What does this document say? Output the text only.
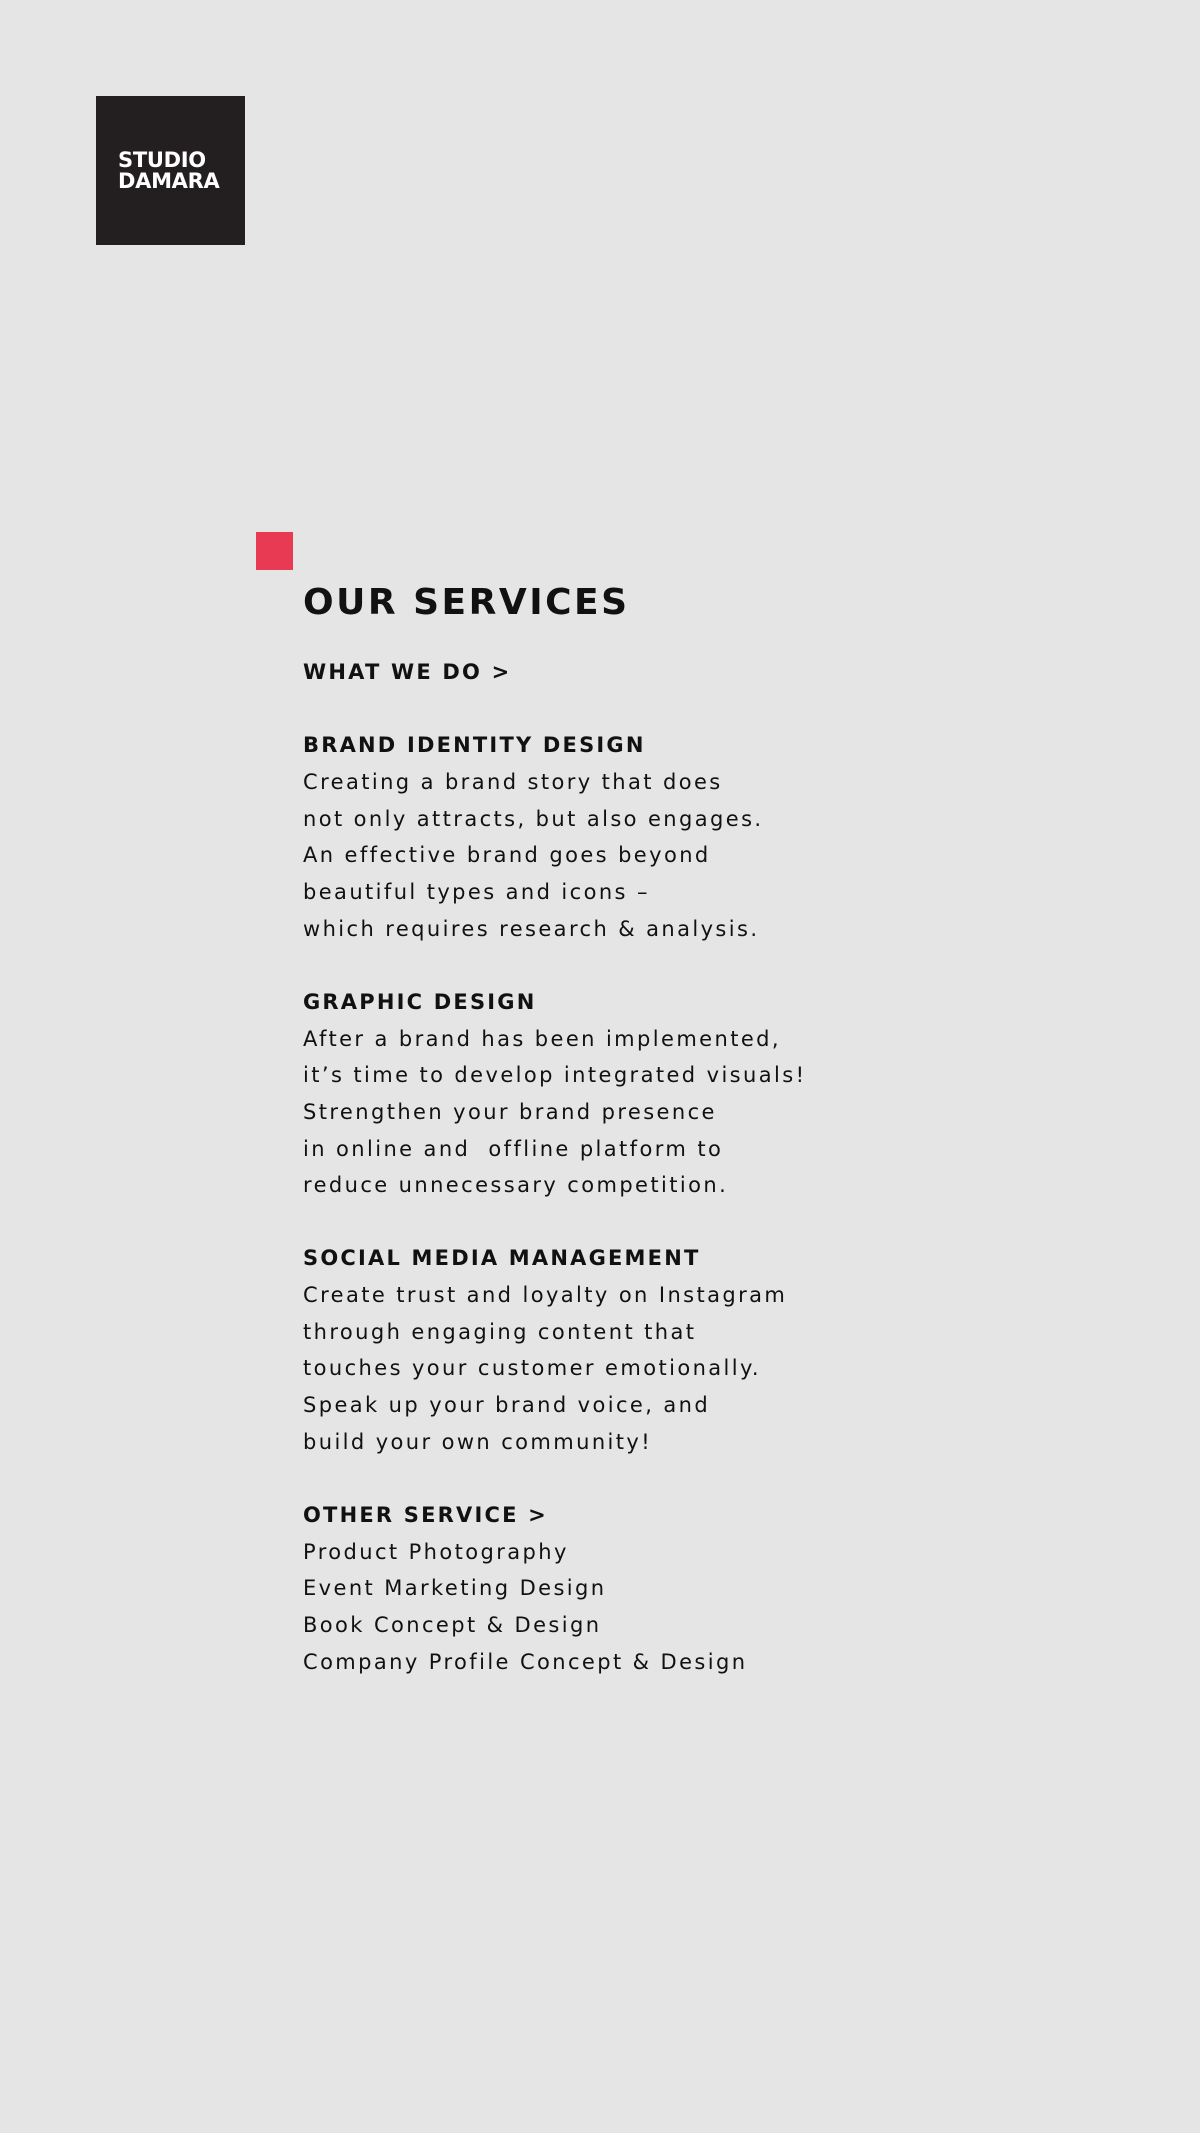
STUDIO
DAMARA
OUR SERVICES
WHAT WE DO >
BRAND IDENTITY DESIGN
Creating a brand story that does
not only attracts, but also engages.
An effective brand goes beyond
beautiful types and icons –
which requires research & analysis.
GRAPHIC DESIGN
After a brand has been implemented,
it’s time to develop integrated visuals!
Strengthen your brand presence
in online and  offline platform to
reduce unnecessary competition.
SOCIAL MEDIA MANAGEMENT
Create trust and loyalty on Instagram
through engaging content that
touches your customer emotionally.
Speak up your brand voice, and
build your own community!
OTHER SERVICE >
Product Photography
Event Marketing Design
Book Concept & Design
Company Profile Concept & Design
